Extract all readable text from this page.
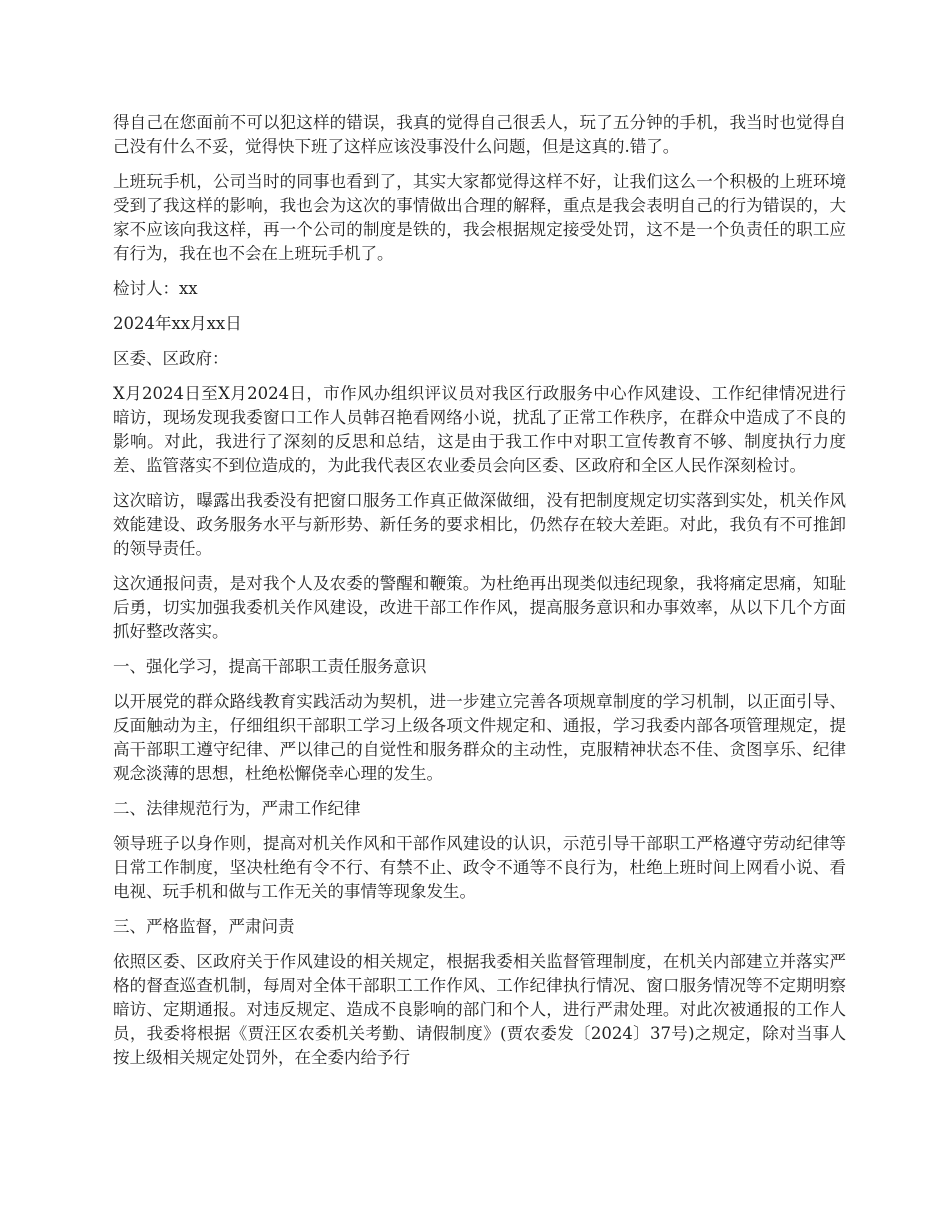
得自己在您面前不可以犯这样的错误，我真的觉得自己很丢人，玩了五分钟的手机，我当时也觉得自己没有什么不妥，觉得快下班了这样应该没事没什么问题，但是这真的.错了。

上班玩手机，公司当时的同事也看到了，其实大家都觉得这样不好，让我们这么一个积极的上班环境受到了我这样的影响，我也会为这次的事情做出合理的解释，重点是我会表明自己的行为错误的，大家不应该向我这样，再一个公司的制度是铁的，我会根据规定接受处罚，这不是一个负责任的职工应有行为，我在也不会在上班玩手机了。

检讨人：xx

2024年xx月xx日

区委、区政府：

X月2024日至X月2024日，市作风办组织评议员对我区行政服务中心作风建设、工作纪律情况进行暗访，现场发现我委窗口工作人员韩召艳看网络小说，扰乱了正常工作秩序，在群众中造成了不良的影响。对此，我进行了深刻的反思和总结，这是由于我工作中对职工宣传教育不够、制度执行力度差、监管落实不到位造成的，为此我代表区农业委员会向区委、区政府和全区人民作深刻检讨。

这次暗访，曝露出我委没有把窗口服务工作真正做深做细，没有把制度规定切实落到实处，机关作风效能建设、政务服务水平与新形势、新任务的要求相比，仍然存在较大差距。对此，我负有不可推卸的领导责任。

这次通报问责，是对我个人及农委的警醒和鞭策。为杜绝再出现类似违纪现象，我将痛定思痛，知耻后勇，切实加强我委机关作风建设，改进干部工作作风，提高服务意识和办事效率，从以下几个方面抓好整改落实。

一、强化学习，提高干部职工责任服务意识

以开展党的群众路线教育实践活动为契机，进一步建立完善各项规章制度的学习机制，以正面引导、反面触动为主，仔细组织干部职工学习上级各项文件规定和、通报，学习我委内部各项管理规定，提高干部职工遵守纪律、严以律己的自觉性和服务群众的主动性，克服精神状态不佳、贪图享乐、纪律观念淡薄的思想，杜绝松懈侥幸心理的发生。

二、法律规范行为，严肃工作纪律

领导班子以身作则，提高对机关作风和干部作风建设的认识，示范引导干部职工严格遵守劳动纪律等日常工作制度，坚决杜绝有令不行、有禁不止、政令不通等不良行为，杜绝上班时间上网看小说、看电视、玩手机和做与工作无关的事情等现象发生。

三、严格监督，严肃问责

依照区委、区政府关于作风建设的相关规定，根据我委相关监督管理制度，在机关内部建立并落实严格的督查巡查机制，每周对全体干部职工工作作风、工作纪律执行情况、窗口服务情况等不定期明察暗访、定期通报。对违反规定、造成不良影响的部门和个人，进行严肃处理。对此次被通报的工作人员，我委将根据《贾汪区农委机关考勤、请假制度》(贾农委发〔2024〕37号)之规定，除对当事人按上级相关规定处罚外，在全委内给予行
